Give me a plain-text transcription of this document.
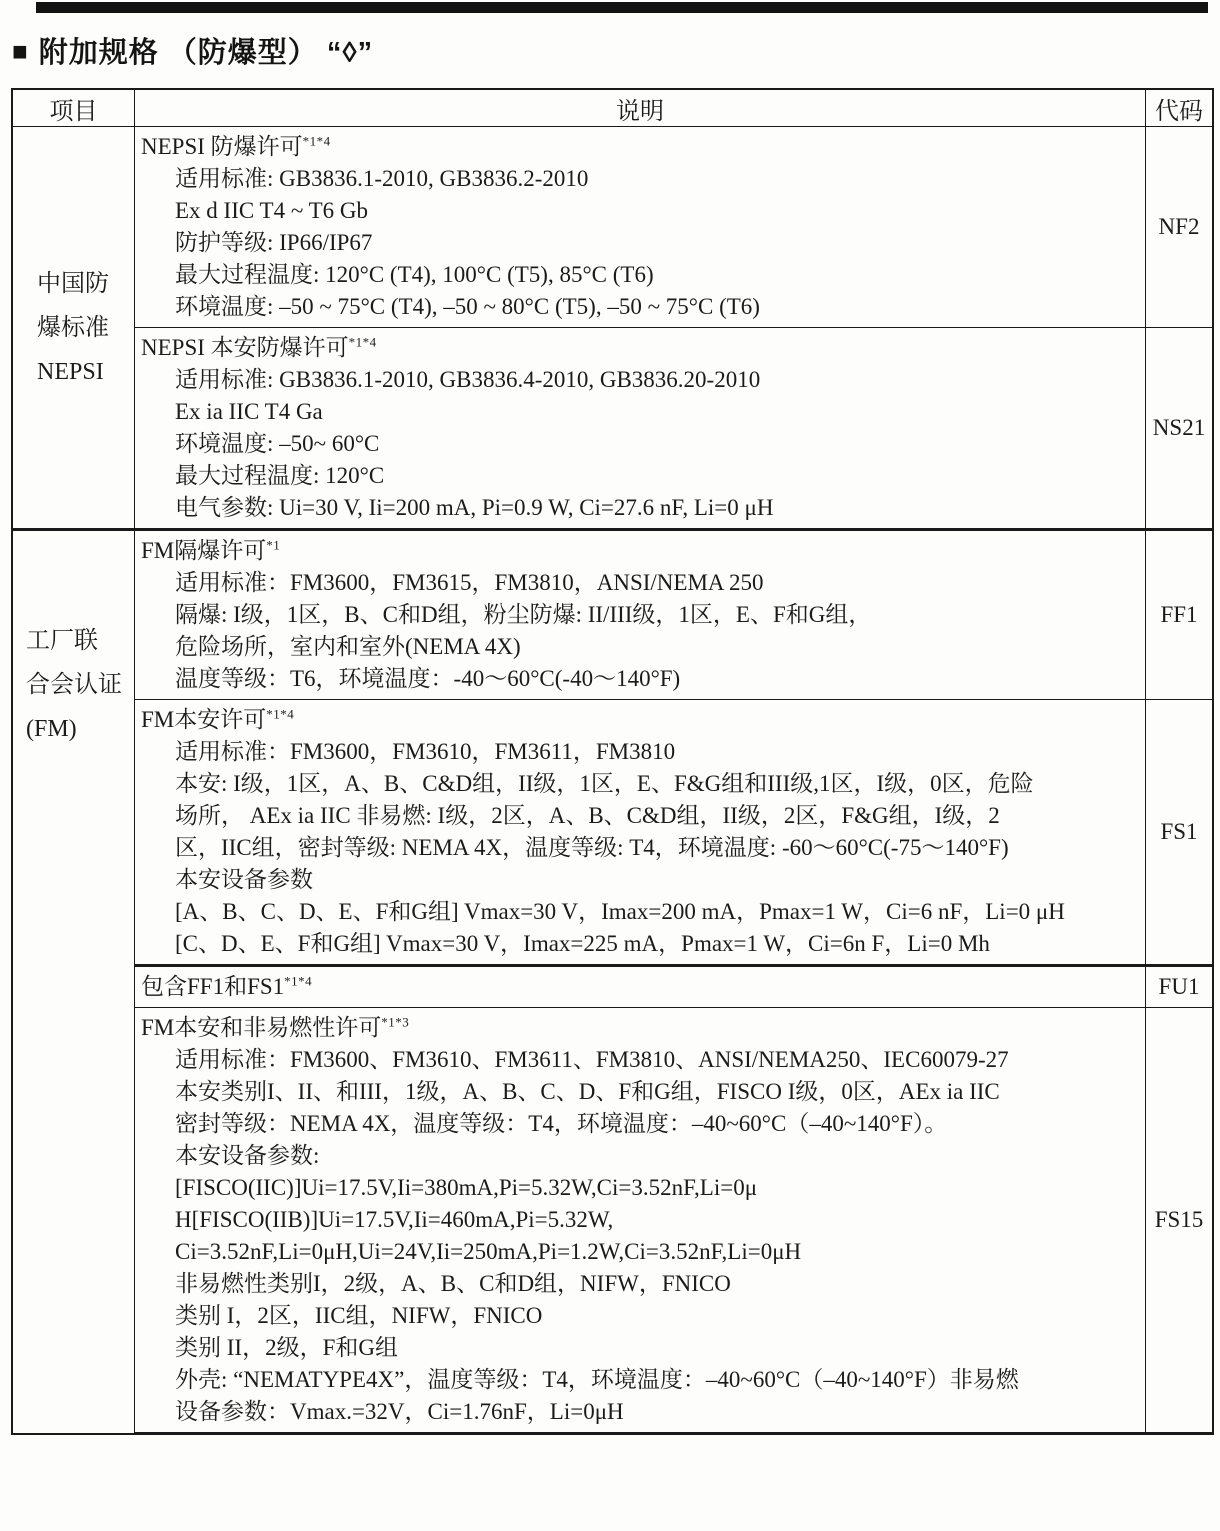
■ 附加规格 （防爆型） “◊”
项目	说明	代码

中国防
爆标准
NEPSI

NEPSI 防爆许可$^{*1*4}$
适用标准: GB3836.1-2010, GB3836.2-2010
Ex d IIC T4 ~ T6 Gb
防护等级: IP66/IP67
最大过程温度: 120°C (T4), 100°C (T5), 85°C (T6)
环境温度: –50 ~ 75°C (T4), –50 ~ 80°C (T5), –50 ~ 75°C (T6)
	NF2

NEPSI 本安防爆许可$^{*1*4}$
适用标准: GB3836.1-2010, GB3836.4-2010, GB3836.20-2010
Ex ia IIC T4 Ga
环境温度: –50~ 60°C
最大过程温度: 120°C
电气参数: Ui=30 V, Ii=200 mA, Pi=0.9 W, Ci=27.6 nF, Li=0 μH
	NS21

工厂联
合会认证
(FM)

FM隔爆许可$^{*1}$
适用标准：FM3600，FM3615，FM3810，ANSI/NEMA 250
隔爆: I级，1区，B、C和D组，粉尘防爆: II/III级，1区，E、F和G组，
危险场所，室内和室外(NEMA 4X)
温度等级：T6，环境温度：-40～60°C(-40～140°F)
	FF1

FM本安许可$^{*1*4}$
适用标准：FM3600，FM3610，FM3611，FM3810
本安: I级，1区，A、B、C&D组，II级，1区，E、F&G组和III级,1区，I级，0区，危险
场所， AEx ia IIC 非易燃: I级，2区，A、B、C&D组，II级，2区，F&G组，I级，2
区，IIC组，密封等级: NEMA 4X，温度等级: T4，环境温度: -60～60°C(-75～140°F)
本安设备参数
[A、B、C、D、E、F和G组] Vmax=30 V，Imax=200 mA，Pmax=1 W，Ci=6 nF，Li=0 μH
[C、D、E、F和G组] Vmax=30 V，Imax=225 mA，Pmax=1 W，Ci=6n F，Li=0 Mh
	FS1

	包含FF1和FS1$^{*1*4}$	FU1

FM本安和非易燃性许可$^{*1*3}$
适用标准：FM3600、FM3610、FM3611、FM3810、ANSI/NEMA250、IEC60079-27
本安类别I、II、和III，1级，A、B、C、D、F和G组，FISCO I级，0区，AEx ia IIC
密封等级：NEMA 4X，温度等级：T4，环境温度：–40~60°C（–40~140°F）。
本安设备参数:
[FISCO(IIC)]Ui=17.5V,Ii=380mA,Pi=5.32W,Ci=3.52nF,Li=0μ
H[FISCO(IIB)]Ui=17.5V,Ii=460mA,Pi=5.32W,
Ci=3.52nF,Li=0μH,Ui=24V,Ii=250mA,Pi=1.2W,Ci=3.52nF,Li=0μH
非易燃性类别I，2级，A、B、C和D组，NIFW，FNICO
类别 I，2区，IIC组，NIFW，FNICO
类别 II，2级，F和G组
外壳: “NEMATYPE4X”，温度等级：T4，环境温度：–40~60°C（–40~140°F）非易燃
设备参数：Vmax.=32V，Ci=1.76nF，Li=0μH
	FS15
